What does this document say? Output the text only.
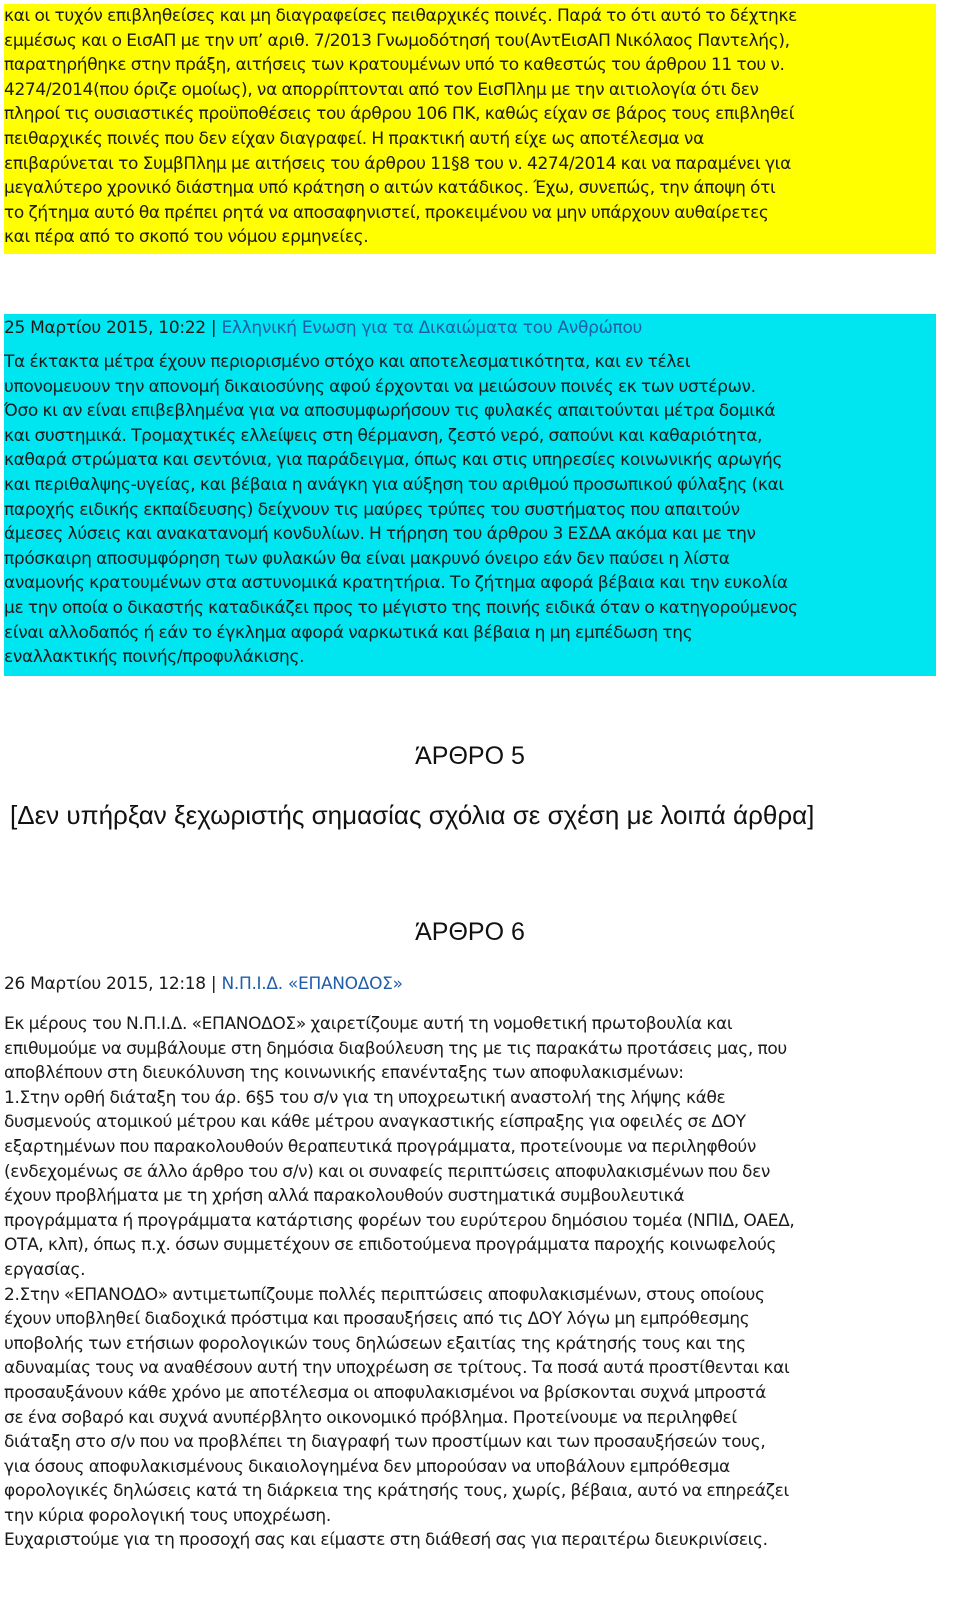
και οι τυχόν επιβληθείσες και μη διαγραφείσες πειθαρχικές ποινές. Παρά το ότι αυτό το δέχτηκε
εμμέσως και ο ΕισΑΠ με την υπ’ αριθ. 7/2013 Γνωμοδότησή του(ΑντΕισΑΠ Νικόλαος Παντελής),
παρατηρήθηκε στην πράξη, αιτήσεις των κρατουμένων υπό το καθεστώς του άρθρου 11 του ν.
4274/2014(που όριζε ομοίως), να απορρίπτονται από τον ΕισΠλημ με την αιτιολογία ότι δεν
πληροί τις ουσιαστικές προϋποθέσεις του άρθρου 106 ΠΚ, καθώς είχαν σε βάρος τους επιβληθεί
πειθαρχικές ποινές που δεν είχαν διαγραφεί. Η πρακτική αυτή είχε ως αποτέλεσμα να
επιβαρύνεται το ΣυμβΠλημ με αιτήσεις του άρθρου 11§8 του ν. 4274/2014 και να παραμένει για
μεγαλύτερο χρονικό διάστημα υπό κράτηση ο αιτών κατάδικος. Έχω, συνεπώς, την άποψη ότι
το ζήτημα αυτό θα πρέπει ρητά να αποσαφηνιστεί, προκειμένου να μην υπάρχουν αυθαίρετες
και πέρα από το σκοπό του νόμου ερμηνείες.
25 Μαρτίου 2015, 10:22 | Ελληνική Ενωση για τα Δικαιώματα του Ανθρώπου
Τα έκτακτα μέτρα έχουν περιορισμένο στόχο και αποτελεσματικότητα, και εν τέλει
υπονομευουν την απονομή δικαιοσύνης αφού έρχονται να μειώσουν ποινές εκ των υστέρων.
Όσο κι αν είναι επιβεβλημένα για να αποσυμφωρήσουν τις φυλακές απαιτούνται μέτρα δομικά
και συστημικά. Τρομαχτικές ελλείψεις στη θέρμανση, ζεστό νερό, σαπούνι και καθαριότητα,
καθαρά στρώματα και σεντόνια, για παράδειγμα, όπως και στις υπηρεσίες κοινωνικής αρωγής
και περιθαλψης-υγείας, και βέβαια η ανάγκη για αύξηση του αριθμού προσωπικού φύλαξης (και
παροχής ειδικής εκπαίδευσης) δείχνουν τις μαύρες τρύπες του συστήματος που απαιτούν
άμεσες λύσεις και ανακατανομή κονδυλίων. Η τήρηση του άρθρου 3 ΕΣΔΑ ακόμα και με την
πρόσκαιρη αποσυμφόρηση των φυλακών θα είναι μακρυνό όνειρο εάν δεν παύσει η λίστα
αναμονής κρατουμένων στα αστυνομικά κρατητήρια. Το ζήτημα αφορά βέβαια και την ευκολία
με την οποία ο δικαστής καταδικάζει προς το μέγιστο της ποινής ειδικά όταν ο κατηγορούμενος
είναι αλλοδαπός ή εάν το έγκλημα αφορά ναρκωτικά και βέβαια η μη εμπέδωση της
εναλλακτικής ποινής/προφυλάκισης.
ΆΡΘΡΟ 5
[Δεν υπήρξαν ξεχωριστής σημασίας σχόλια σε σχέση με λοιπά άρθρα]
ΆΡΘΡΟ 6
26 Μαρτίου 2015, 12:18 | Ν.Π.Ι.Δ. «ΕΠΑΝΟΔΟΣ»
Εκ μέρους του Ν.Π.Ι.Δ. «ΕΠΑΝΟΔΟΣ» χαιρετίζουμε αυτή τη νομοθετική πρωτοβουλία και
επιθυμούμε να συμβάλουμε στη δημόσια διαβούλευση της με τις παρακάτω προτάσεις μας, που
αποβλέπουν στη διευκόλυνση της κοινωνικής επανένταξης των αποφυλακισμένων:
1.Στην ορθή διάταξη του άρ. 6§5 του σ/ν για τη υποχρεωτική αναστολή της λήψης κάθε
δυσμενούς ατομικού μέτρου και κάθε μέτρου αναγκαστικής είσπραξης για οφειλές σε ΔΟΥ
εξαρτημένων που παρακολουθούν θεραπευτικά προγράμματα, προτείνουμε να περιληφθούν
(ενδεχομένως σε άλλο άρθρο του σ/ν) και οι συναφείς περιπτώσεις αποφυλακισμένων που δεν
έχουν προβλήματα με τη χρήση αλλά παρακολουθούν συστηματικά συμβουλευτικά
προγράμματα ή προγράμματα κατάρτισης φορέων του ευρύτερου δημόσιου τομέα (ΝΠΙΔ, ΟΑΕΔ,
ΟΤΑ, κλπ), όπως π.χ. όσων συμμετέχουν σε επιδοτούμενα προγράμματα παροχής κοινωφελούς
εργασίας.
2.Στην «ΕΠΑΝΟΔΟ» αντιμετωπίζουμε πολλές περιπτώσεις αποφυλακισμένων, στους οποίους
έχουν υποβληθεί διαδοχικά πρόστιμα και προσαυξήσεις από τις ΔΟΥ λόγω μη εμπρόθεσμης
υποβολής των ετήσιων φορολογικών τους δηλώσεων εξαιτίας της κράτησής τους και της
αδυναμίας τους να αναθέσουν αυτή την υποχρέωση σε τρίτους. Τα ποσά αυτά προστίθενται και
προσαυξάνουν κάθε χρόνο με αποτέλεσμα οι αποφυλακισμένοι να βρίσκονται συχνά μπροστά
σε ένα σοβαρό και συχνά ανυπέρβλητο οικονομικό πρόβλημα. Προτείνουμε να περιληφθεί
διάταξη στο σ/ν που να προβλέπει τη διαγραφή των προστίμων και των προσαυξήσεών τους,
για όσους αποφυλακισμένους δικαιολογημένα δεν μπορούσαν να υποβάλουν εμπρόθεσμα
φορολογικές δηλώσεις κατά τη διάρκεια της κράτησής τους, χωρίς, βέβαια, αυτό να επηρεάζει
την κύρια φορολογική τους υποχρέωση.
Ευχαριστούμε για τη προσοχή σας και είμαστε στη διάθεσή σας για περαιτέρω διευκρινίσεις.
